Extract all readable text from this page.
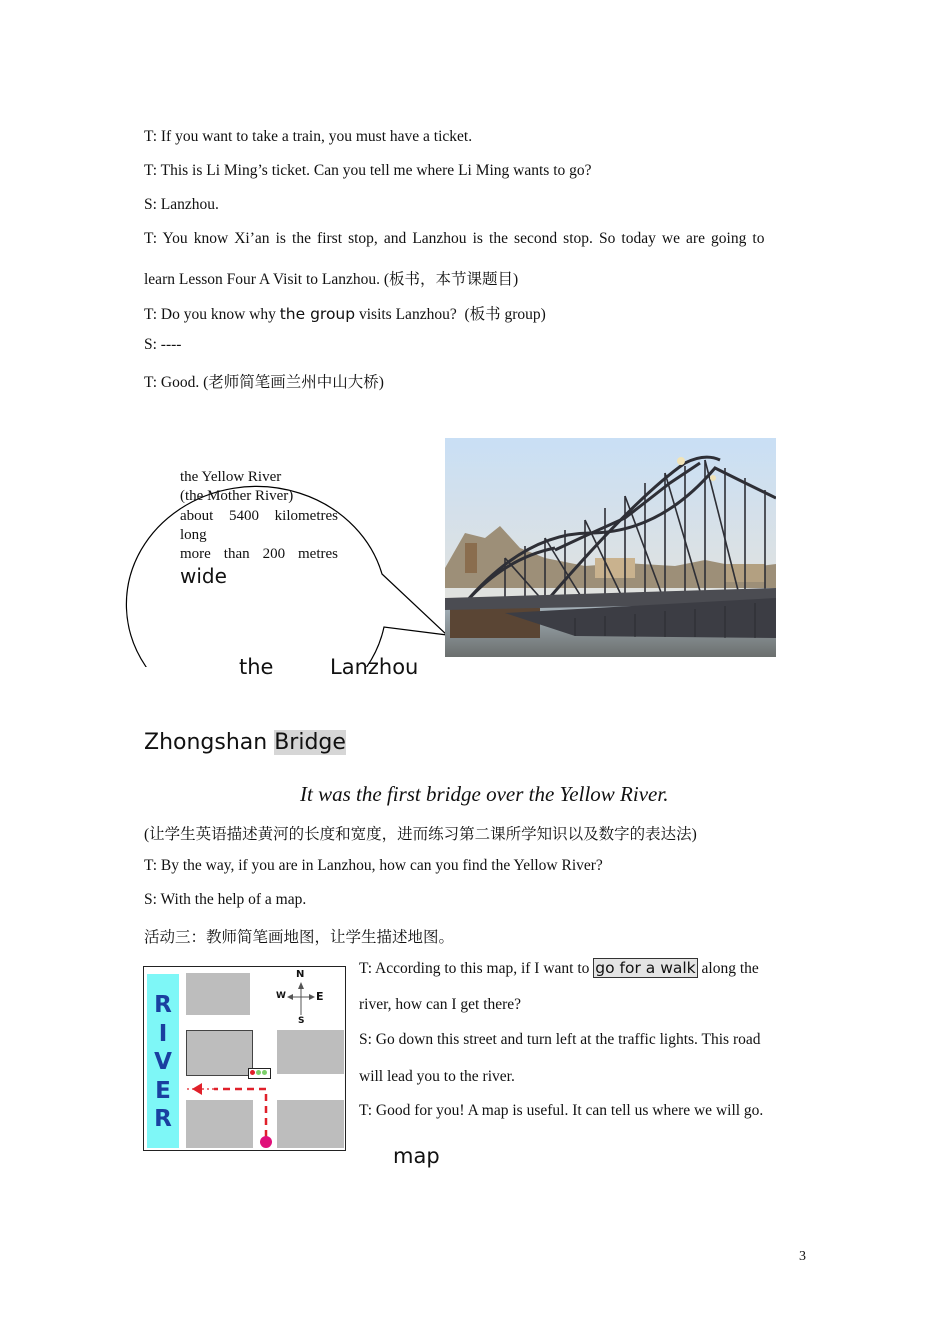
T: If you want to take a train, you must have a ticket.
T: This is Li Ming’s ticket. Can you tell me where Li Ming wants to go?
S: Lanzhou.
T: You know Xi’an is the first stop, and Lanzhou is the second stop. So today we are going to
learn Lesson Four A Visit to Lanzhou. (板书，本节课题目)
T: Do you know why the group visits Lanzhou?  (板书 group)
S: ----
T: Good. (老师简笔画兰州中山大桥)
the Yellow River
(the Mother River)
about 5400 kilometres
long
more than 200 metres
wide
the	Lanzhou
Zhongshan Bridge
It was the first bridge over the Yellow River.
(让学生英语描述黄河的长度和宽度，进而练习第二课所学知识以及数字的表达法)
T: By the way, if you are in Lanzhou, how can you find the Yellow River?
S: With the help of a map.
活动三：教师简笔画地图，让学生描述地图。
R
I
V
E
R
N
S
E
W
T: According to this map, if I want to go for a walk along the
river, how can I get there?
S: Go down this street and turn left at the traffic lights. This road
will lead you to the river.
T: Good for you! A map is useful. It can tell us where we will go.
map
3
